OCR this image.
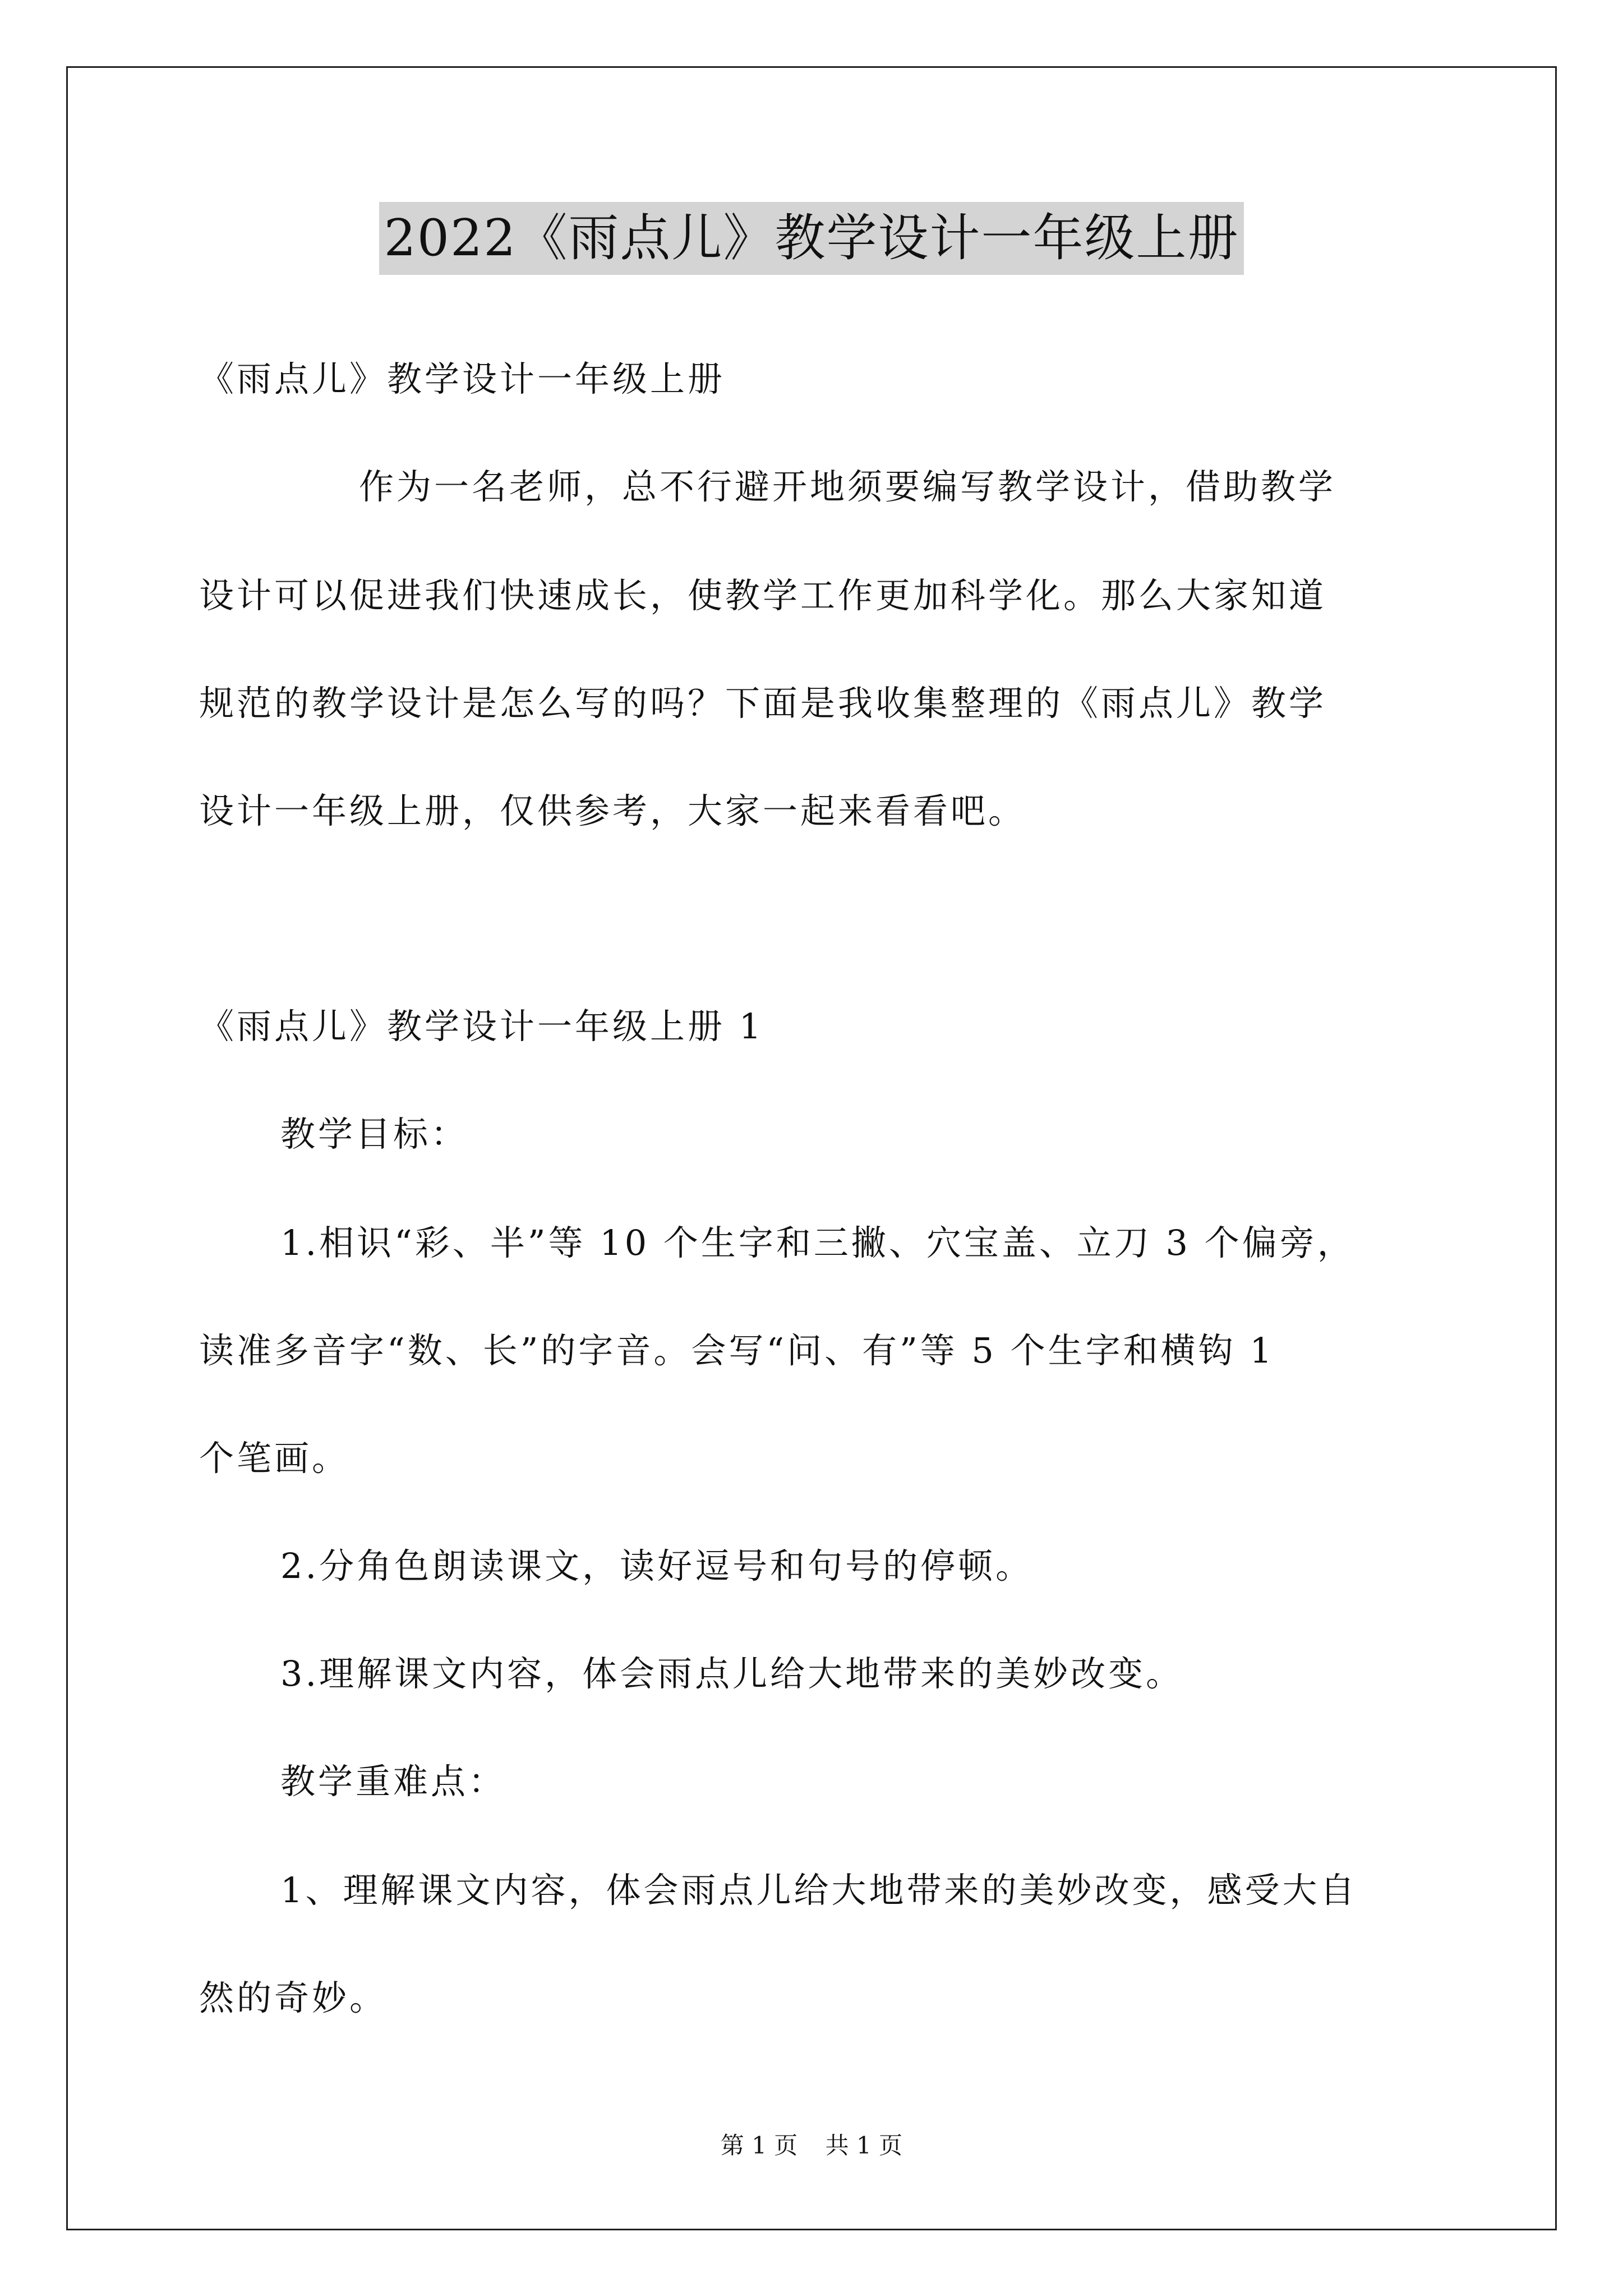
2022《雨点儿》教学设计一年级上册
《雨点儿》教学设计一年级上册
作为一名老师，总不行避开地须要编写教学设计，借助教学
设计可以促进我们快速成长，使教学工作更加科学化。那么大家知道
规范的教学设计是怎么写的吗？下面是我收集整理的《雨点儿》教学
设计一年级上册，仅供参考，大家一起来看看吧。
《雨点儿》教学设计一年级上册 1
教学目标：
1.相识“彩、半”等 10 个生字和三撇、穴宝盖、立刀 3 个偏旁，
读准多音字“数、长”的字音。会写“问、有”等 5 个生字和横钩 1
个笔画。
2.分角色朗读课文，读好逗号和句号的停顿。
3.理解课文内容，体会雨点儿给大地带来的美妙改变。
教学重难点：
1、理解课文内容，体会雨点儿给大地带来的美妙改变，感受大自
然的奇妙。
第 1 页 共 1 页
